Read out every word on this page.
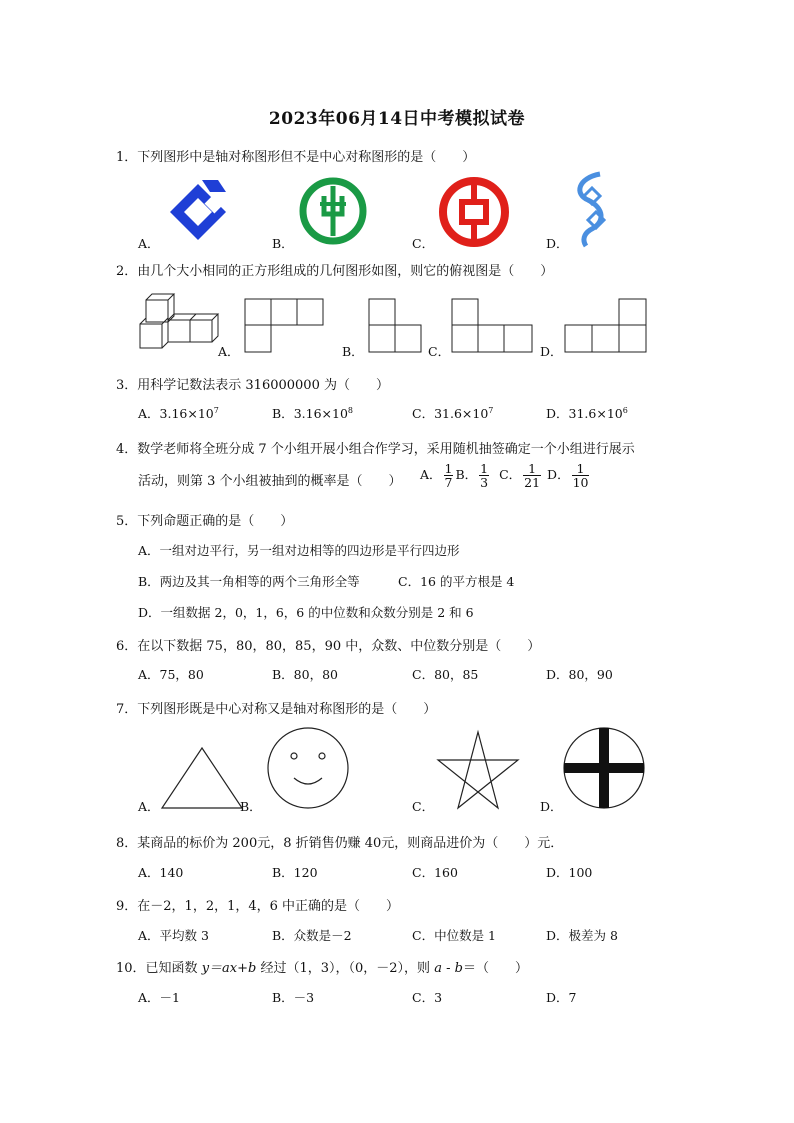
2023年06月14日中考模拟试卷
1．下列图形中是轴对称图形但不是中心对称图形的是（　　）
A．	B．	C．	D．
2．由几个大小相同的正方形组成的几何图形如图，则它的俯视图是（　　）
A．	B．	C．	D．
3．用科学记数法表示 316000000 为（　　）
A．$3.16\times 10^7$	B．$3.16\times 10^8$	C．$31.6\times 10^7$	D．$31.6\times 10^6$
4．数学老师将全班分成 7 个小组开展小组合作学习，采用随机抽签确定一个小组进行展示
活动，则第 3 个小组被抽到的概率是（　　） A． $\frac{1}{7}$ B． $\frac{1}{3}$ C． $\frac{1}{21}$ D． $\frac{1}{10}$
5．下列命题正确的是（　　）
A．一组对边平行，另一组对边相等的四边形是平行四边形
B．两边及其一角相等的两个三角形全等	C．16 的平方根是 4
D．一组数据 2，0，1，6，6 的中位数和众数分别是 2 和 6
6．在以下数据 75，80，80，85，90 中，众数、中位数分别是（　　）
A．75，80	B．80，80	C．80，85	D．80，90
7．下列图形既是中心对称又是轴对称图形的是（　　）
A．	B．	C．	D．
8．某商品的标价为 200元，8 折销售仍赚 40元，则商品进价为（　　）元．
A．140	B．120	C．160	D．100
9．在－2，1，2，1，4，6 中正确的是（　　）
A．平均数 3	B．众数是－2	C．中位数是 1	D．极差为 8
10．已知函数 y＝ax+b 经过（1，3），（0，－2），则 a - b＝（　　）
A．－1	B．－3	C．3	D．7
